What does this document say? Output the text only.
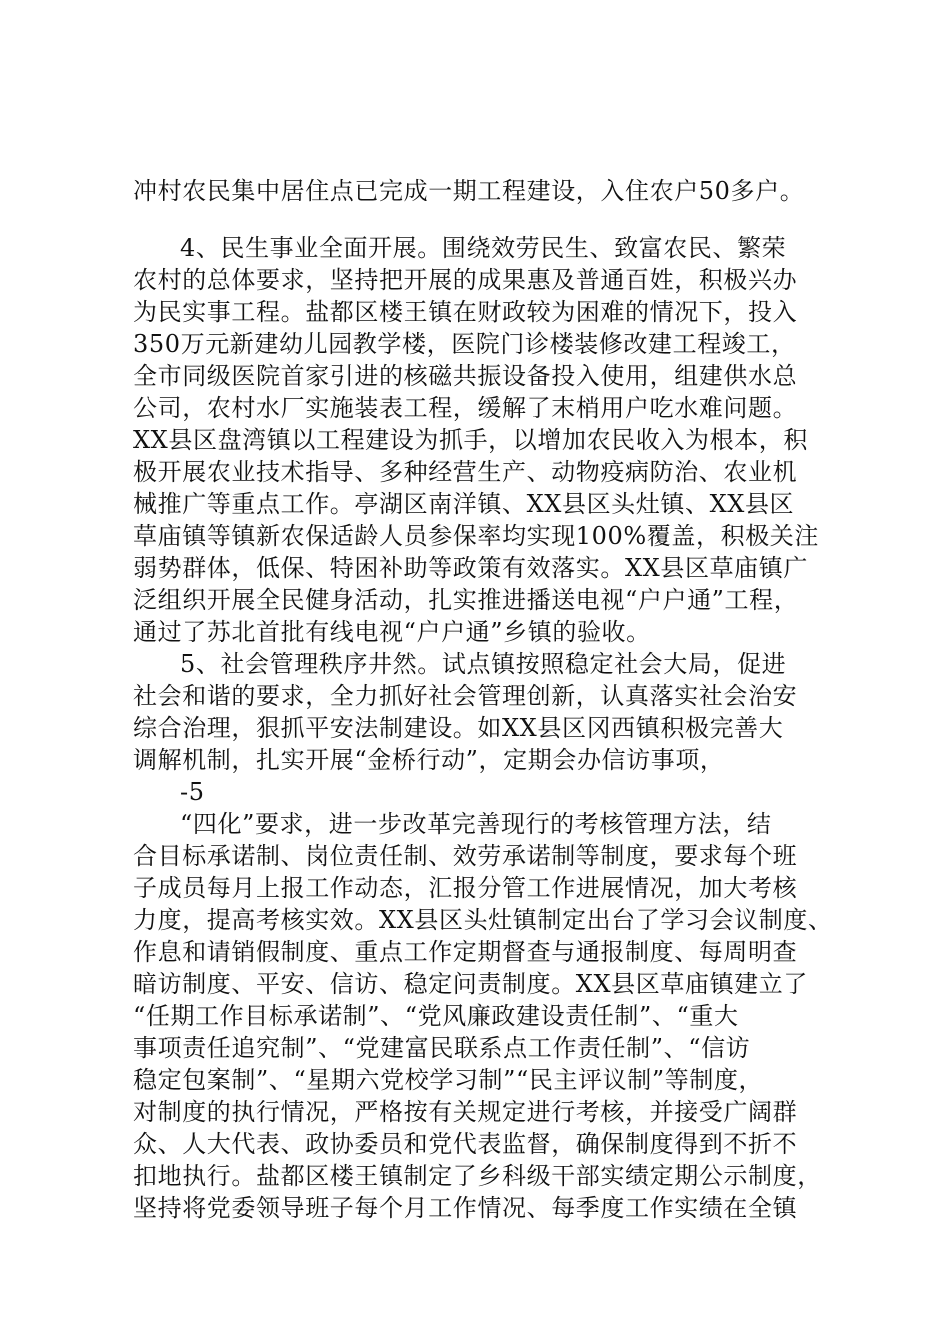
冲村农民集中居住点已完成一期工程建设，入住农户50多户。
4、民生事业全面开展。围绕效劳民生、致富农民、繁荣
农村的总体要求，坚持把开展的成果惠及普通百姓，积极兴办
为民实事工程。盐都区楼王镇在财政较为困难的情况下，投入
350万元新建幼儿园教学楼，医院门诊楼装修改建工程竣工，
全市同级医院首家引进的核磁共振设备投入使用，组建供水总
公司，农村水厂实施装表工程，缓解了末梢用户吃水难问题。
XX县区盘湾镇以工程建设为抓手，以增加农民收入为根本，积
极开展农业技术指导、多种经营生产、动物疫病防治、农业机
械推广等重点工作。亭湖区南洋镇、XX县区头灶镇、XX县区
草庙镇等镇新农保适龄人员参保率均实现100%覆盖，积极关注
弱势群体，低保、特困补助等政策有效落实。XX县区草庙镇广
泛组织开展全民健身活动，扎实推进播送电视“户户通”工程，
通过了苏北首批有线电视“户户通”乡镇的验收。
5、社会管理秩序井然。试点镇按照稳定社会大局，促进
社会和谐的要求，全力抓好社会管理创新，认真落实社会治安
综合治理，狠抓平安法制建设。如XX县区冈西镇积极完善大
调解机制，扎实开展“金桥行动”，定期会办信访事项，
-5
“四化”要求，进一步改革完善现行的考核管理方法，结
合目标承诺制、岗位责任制、效劳承诺制等制度，要求每个班
子成员每月上报工作动态，汇报分管工作进展情况，加大考核
力度，提高考核实效。XX县区头灶镇制定出台了学习会议制度、
作息和请销假制度、重点工作定期督查与通报制度、每周明查
暗访制度、平安、信访、稳定问责制度。XX县区草庙镇建立了
“任期工作目标承诺制”、“党风廉政建设责任制”、“重大
事项责任追究制”、“党建富民联系点工作责任制”、“信访
稳定包案制”、“星期六党校学习制”“民主评议制”等制度，
对制度的执行情况，严格按有关规定进行考核，并接受广阔群
众、人大代表、政协委员和党代表监督，确保制度得到不折不
扣地执行。盐都区楼王镇制定了乡科级干部实绩定期公示制度，
坚持将党委领导班子每个月工作情况、每季度工作实绩在全镇
